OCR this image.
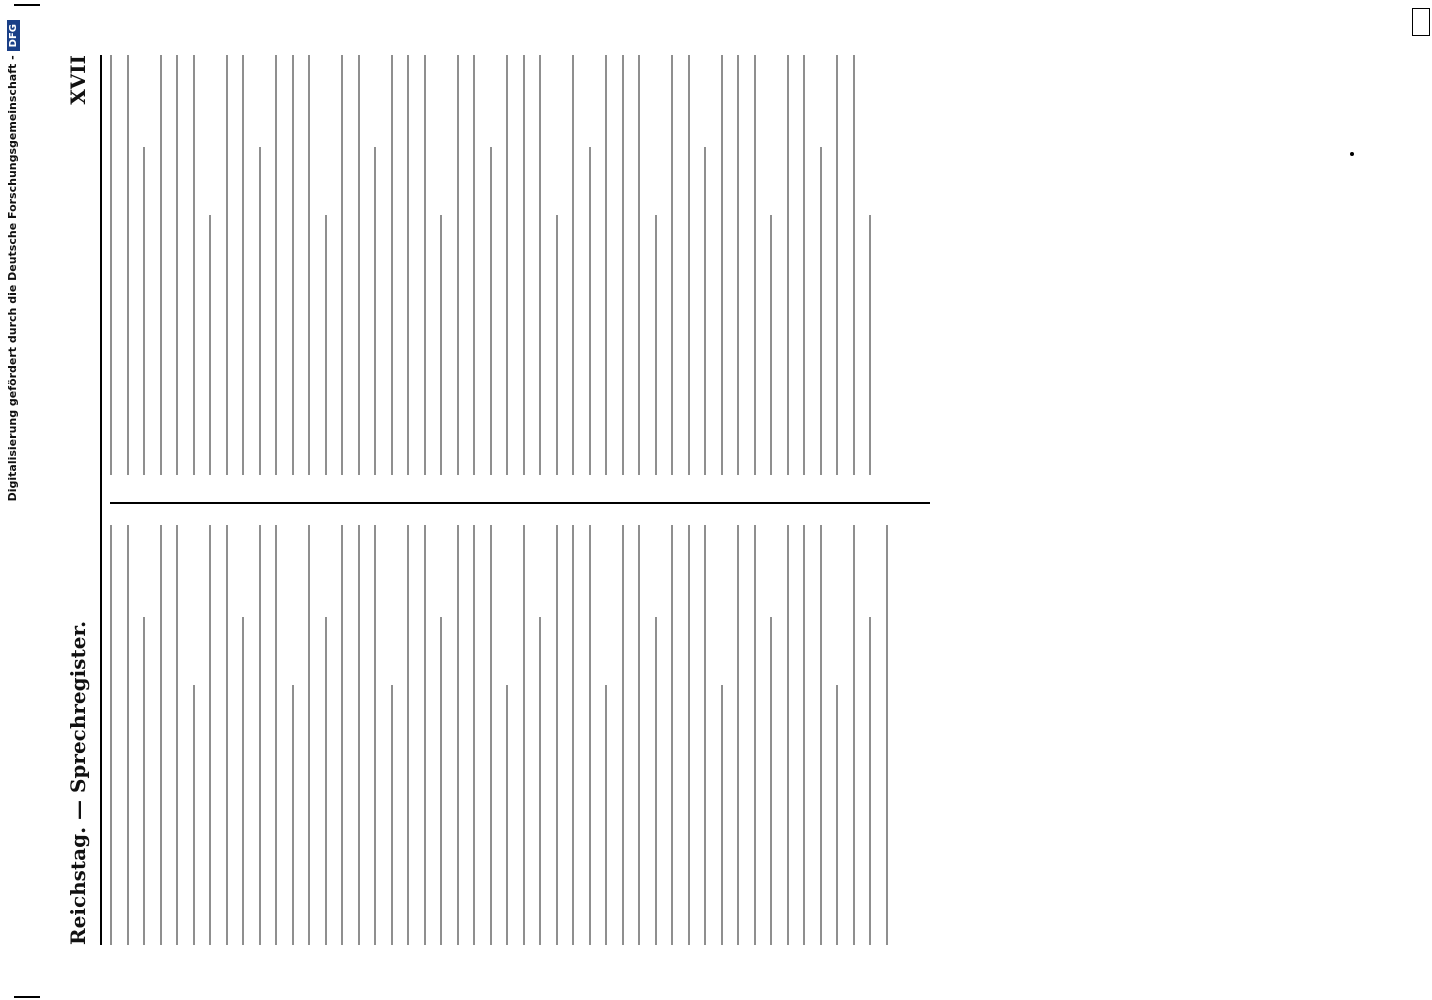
Reichstag. — Sprechregister.
XVII
Digitalisierung gefördert durch die Deutsche Forschungsgemeinschaft -DFG
